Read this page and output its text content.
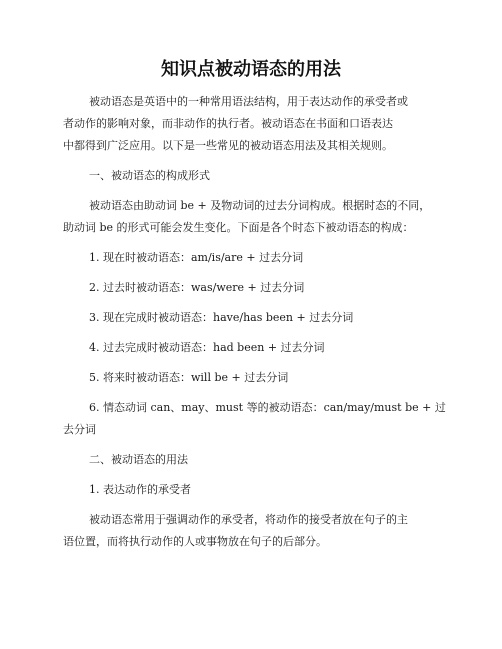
知识点被动语态的用法
被动语态是英语中的一种常用语法结构，用于表达动作的承受者或
者动作的影响对象，而非动作的执行者。被动语态在书面和口语表达
中都得到广泛应用。以下是一些常见的被动语态用法及其相关规则。
一、被动语态的构成形式
被动语态由助动词 be + 及物动词的过去分词构成。根据时态的不同，
助动词 be 的形式可能会发生变化。下面是各个时态下被动语态的构成：
1. 现在时被动语态：am/is/are + 过去分词
2. 过去时被动语态：was/were + 过去分词
3. 现在完成时被动语态：have/has been + 过去分词
4. 过去完成时被动语态：had been + 过去分词
5. 将来时被动语态：will be + 过去分词
6. 情态动词 can、may、must 等的被动语态：can/may/must be + 过
去分词
二、被动语态的用法
1. 表达动作的承受者
被动语态常用于强调动作的承受者，将动作的接受者放在句子的主
语位置，而将执行动作的人或事物放在句子的后部分。
